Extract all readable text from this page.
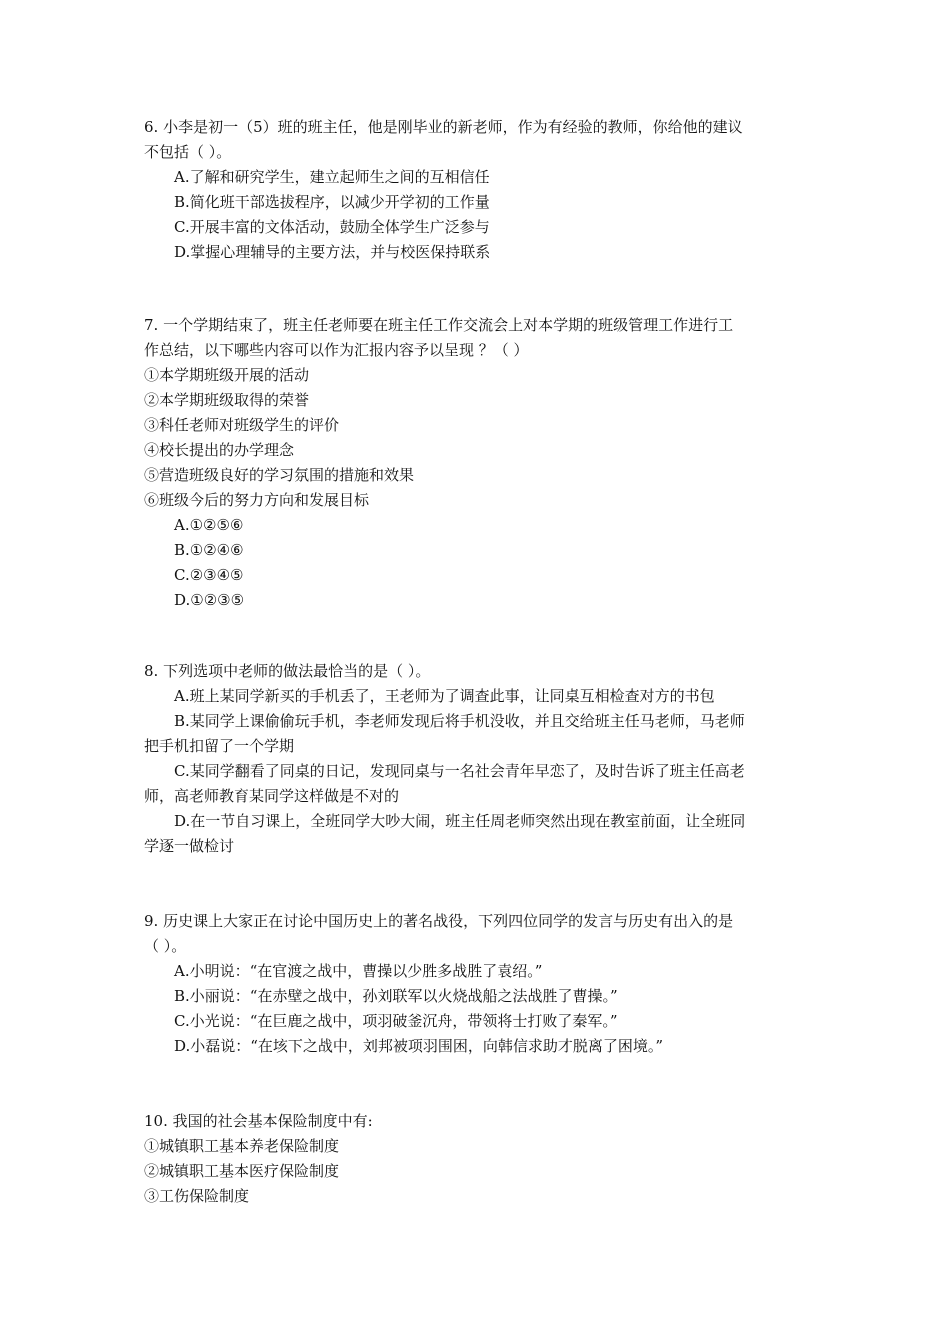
6. 小李是初一（5）班的班主任，他是刚毕业的新老师，作为有经验的教师，你给他的建议
不包括（ ）。
A.了解和研究学生，建立起师生之间的互相信任
B.简化班干部选拔程序，以减少开学初的工作量
C.开展丰富的文体活动，鼓励全体学生广泛参与
D.掌握心理辅导的主要方法，并与校医保持联系
7. 一个学期结束了，班主任老师要在班主任工作交流会上对本学期的班级管理工作进行工
作总结，以下哪些内容可以作为汇报内容予以呈现 ？（ ）
①本学期班级开展的活动
②本学期班级取得的荣誉
③科任老师对班级学生的评价
④校长提出的办学理念
⑤营造班级良好的学习氛围的措施和效果
⑥班级今后的努力方向和发展目标
A.①②⑤⑥
B.①②④⑥
C.②③④⑤
D.①②③⑤
8. 下列选项中老师的做法最恰当的是（ ）。
A.班上某同学新买的手机丢了，王老师为了调查此事，让同桌互相检查对方的书包
B.某同学上课偷偷玩手机，李老师发现后将手机没收，并且交给班主任马老师，马老师
把手机扣留了一个学期
C.某同学翻看了同桌的日记，发现同桌与一名社会青年早恋了，及时告诉了班主任高老
师，高老师教育某同学这样做是不对的
D.在一节自习课上，全班同学大吵大闹，班主任周老师突然出现在教室前面，让全班同
学逐一做检讨
9. 历史课上大家正在讨论中国历史上的著名战役，下列四位同学的发言与历史有出入的是
（ ）。
A.小明说：“在官渡之战中，曹操以少胜多战胜了袁绍。”
B.小丽说：“在赤壁之战中，孙刘联军以火烧战船之法战胜了曹操。”
C.小光说：“在巨鹿之战中，项羽破釜沉舟，带领将士打败了秦军。”
D.小磊说：“在垓下之战中，刘邦被项羽围困，向韩信求助才脱离了困境。”
10. 我国的社会基本保险制度中有:
①城镇职工基本养老保险制度
②城镇职工基本医疗保险制度
③工伤保险制度
